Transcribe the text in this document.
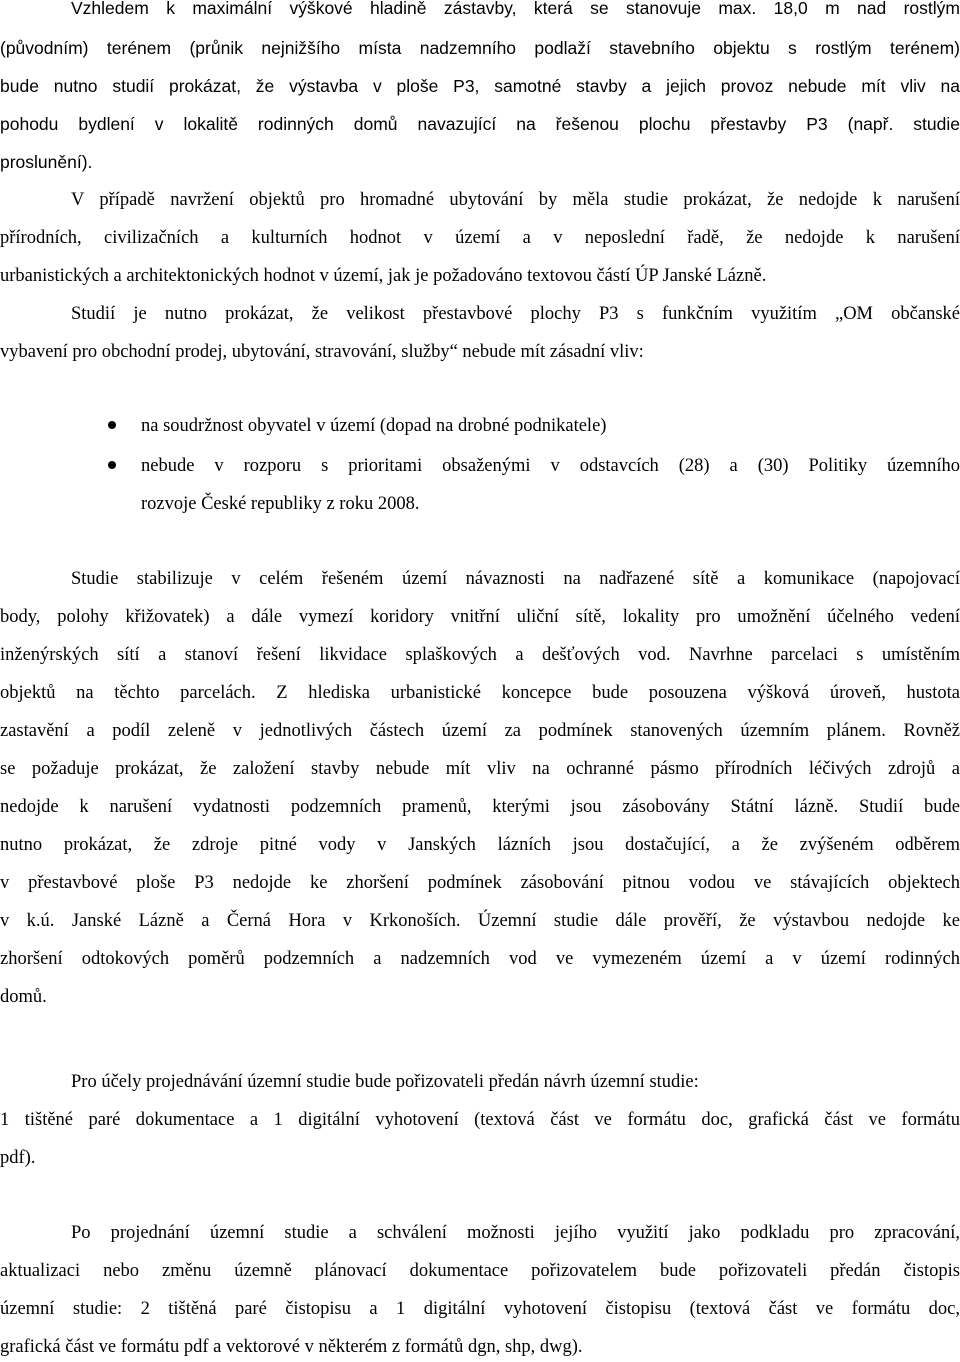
Vzhledem k maximální výškové hladině zástavby, která se stanovuje max. 18,0 m nad rostlým

(původním) terénem (průnik nejnižšího místa nadzemního podlaží stavebního objektu s rostlým terénem)

bude nutno studií prokázat, že výstavba v ploše P3, samotné stavby a jejich provoz nebude mít vliv na

pohodu bydlení v lokalitě rodinných domů navazující na řešenou plochu přestavby P3 (např. studie

proslunění).

V případě navržení objektů pro hromadné ubytování by měla studie prokázat, že nedojde k narušení

přírodních, civilizačních a kulturních hodnot v území a v neposlední řadě, že nedojde k narušení

urbanistických a architektonických hodnot v území, jak je požadováno textovou částí ÚP Janské Lázně.

Studií je nutno prokázat, že velikost přestavbové plochy P3 s funkčním využitím „OM občanské

vybavení pro obchodní prodej, ubytování, stravování, služby“ nebude mít zásadní vliv:

na soudržnost obyvatel v území (dopad na drobné podnikatele)

nebude v rozporu s prioritami obsaženými v odstavcích (28) a (30) Politiky územního

rozvoje České republiky z roku 2008.

Studie stabilizuje v celém řešeném území návaznosti na nadřazené sítě a komunikace (napojovací

body, polohy křižovatek) a dále vymezí koridory vnitřní uliční sítě, lokality pro umožnění účelného vedení

inženýrských sítí a stanoví řešení likvidace splaškových a dešťových vod. Navrhne parcelaci s umístěním

objektů na těchto parcelách. Z hlediska urbanistické koncepce bude posouzena výšková úroveň, hustota

zastavění a podíl zeleně v jednotlivých částech území za podmínek stanovených územním plánem. Rovněž

se požaduje prokázat, že založení stavby nebude mít vliv na ochranné pásmo přírodních léčivých zdrojů a

nedojde k narušení vydatnosti podzemních pramenů, kterými jsou zásobovány Státní lázně. Studií bude

nutno prokázat, že zdroje pitné vody v Janských lázních jsou dostačující, a že zvýšeném odběrem

v přestavbové ploše P3 nedojde ke zhoršení podmínek zásobování pitnou vodou ve stávajících objektech

v k.ú. Janské Lázně a Černá Hora v Krkonoších. Územní studie dále prověří, že výstavbou nedojde ke

zhoršení odtokových poměrů podzemních a nadzemních vod ve vymezeném území a v území rodinných

domů.

Pro účely projednávání územní studie bude pořizovateli předán návrh územní studie:

1 tištěné paré dokumentace a 1 digitální vyhotovení (textová část ve formátu doc, grafická část ve formátu

pdf).

Po projednání územní studie a schválení možnosti jejího využití jako podkladu pro zpracování,

aktualizaci nebo změnu územně plánovací dokumentace pořizovatelem bude pořizovateli předán čistopis

územní studie: 2 tištěná paré čistopisu a 1 digitální vyhotovení čistopisu (textová část ve formátu doc,

grafická část ve formátu pdf a vektorové v některém z formátů dgn, shp, dwg).
